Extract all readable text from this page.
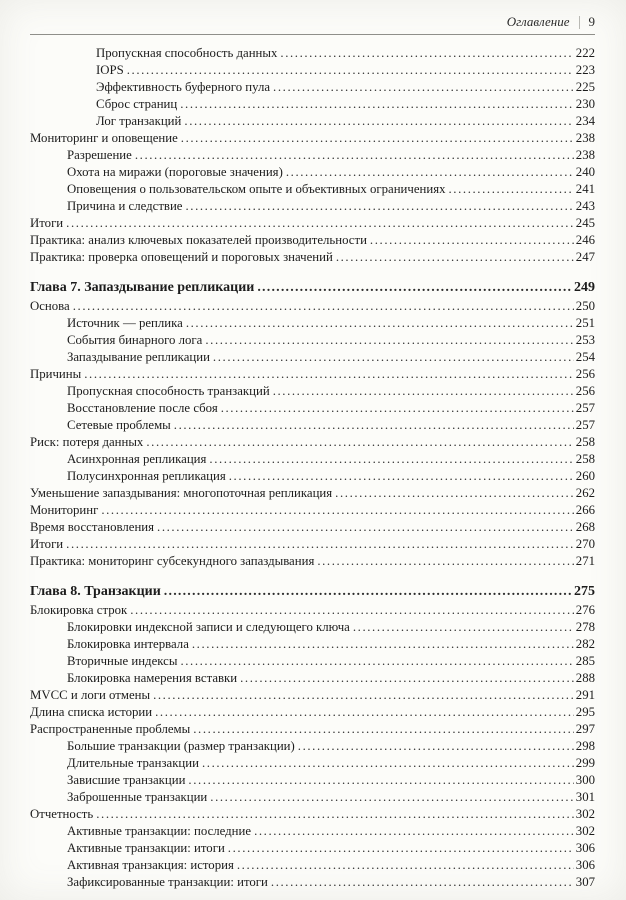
Оглавление 9
Пропускная способность данных .....	222
IOPS .....	223
Эффективность буферного пула .....	225
Сброс страниц .....	230
Лог транзакций .....	234
Мониторинг и оповещение .....	238
Разрешение .....	238
Охота на миражи (пороговые значения) .....	240
Оповещения о пользовательском опыте и объективных ограничениях .....	241
Причина и следствие .....	243
Итоги .....	245
Практика: анализ ключевых показателей производительности .....	246
Практика: проверка оповещений и пороговых значений .....	247
Глава 7. Запаздывание репликации .....	249
Основа .....	250
Источник — реплика .....	251
События бинарного лога .....	253
Запаздывание репликации .....	254
Причины .....	256
Пропускная способность транзакций .....	256
Восстановление после сбоя .....	257
Сетевые проблемы .....	257
Риск: потеря данных .....	258
Асинхронная репликация .....	258
Полусинхронная репликация .....	260
Уменьшение запаздывания: многопоточная репликация .....	262
Мониторинг .....	266
Время восстановления .....	268
Итоги .....	270
Практика: мониторинг субсекундного запаздывания .....	271
Глава 8. Транзакции .....	275
Блокировка строк .....	276
Блокировки индексной записи и следующего ключа .....	278
Блокировка интервала .....	282
Вторичные индексы .....	285
Блокировка намерения вставки .....	288
MVCC и логи отмены .....	291
Длина списка истории .....	295
Распространенные проблемы .....	297
Большие транзакции (размер транзакции) .....	298
Длительные транзакции .....	299
Зависшие транзакции .....	300
Заброшенные транзакции .....	301
Отчетность .....	302
Активные транзакции: последние .....	302
Активные транзакции: итоги .....	306
Активная транзакция: история .....	306
Зафиксированные транзакции: итоги .....	307
